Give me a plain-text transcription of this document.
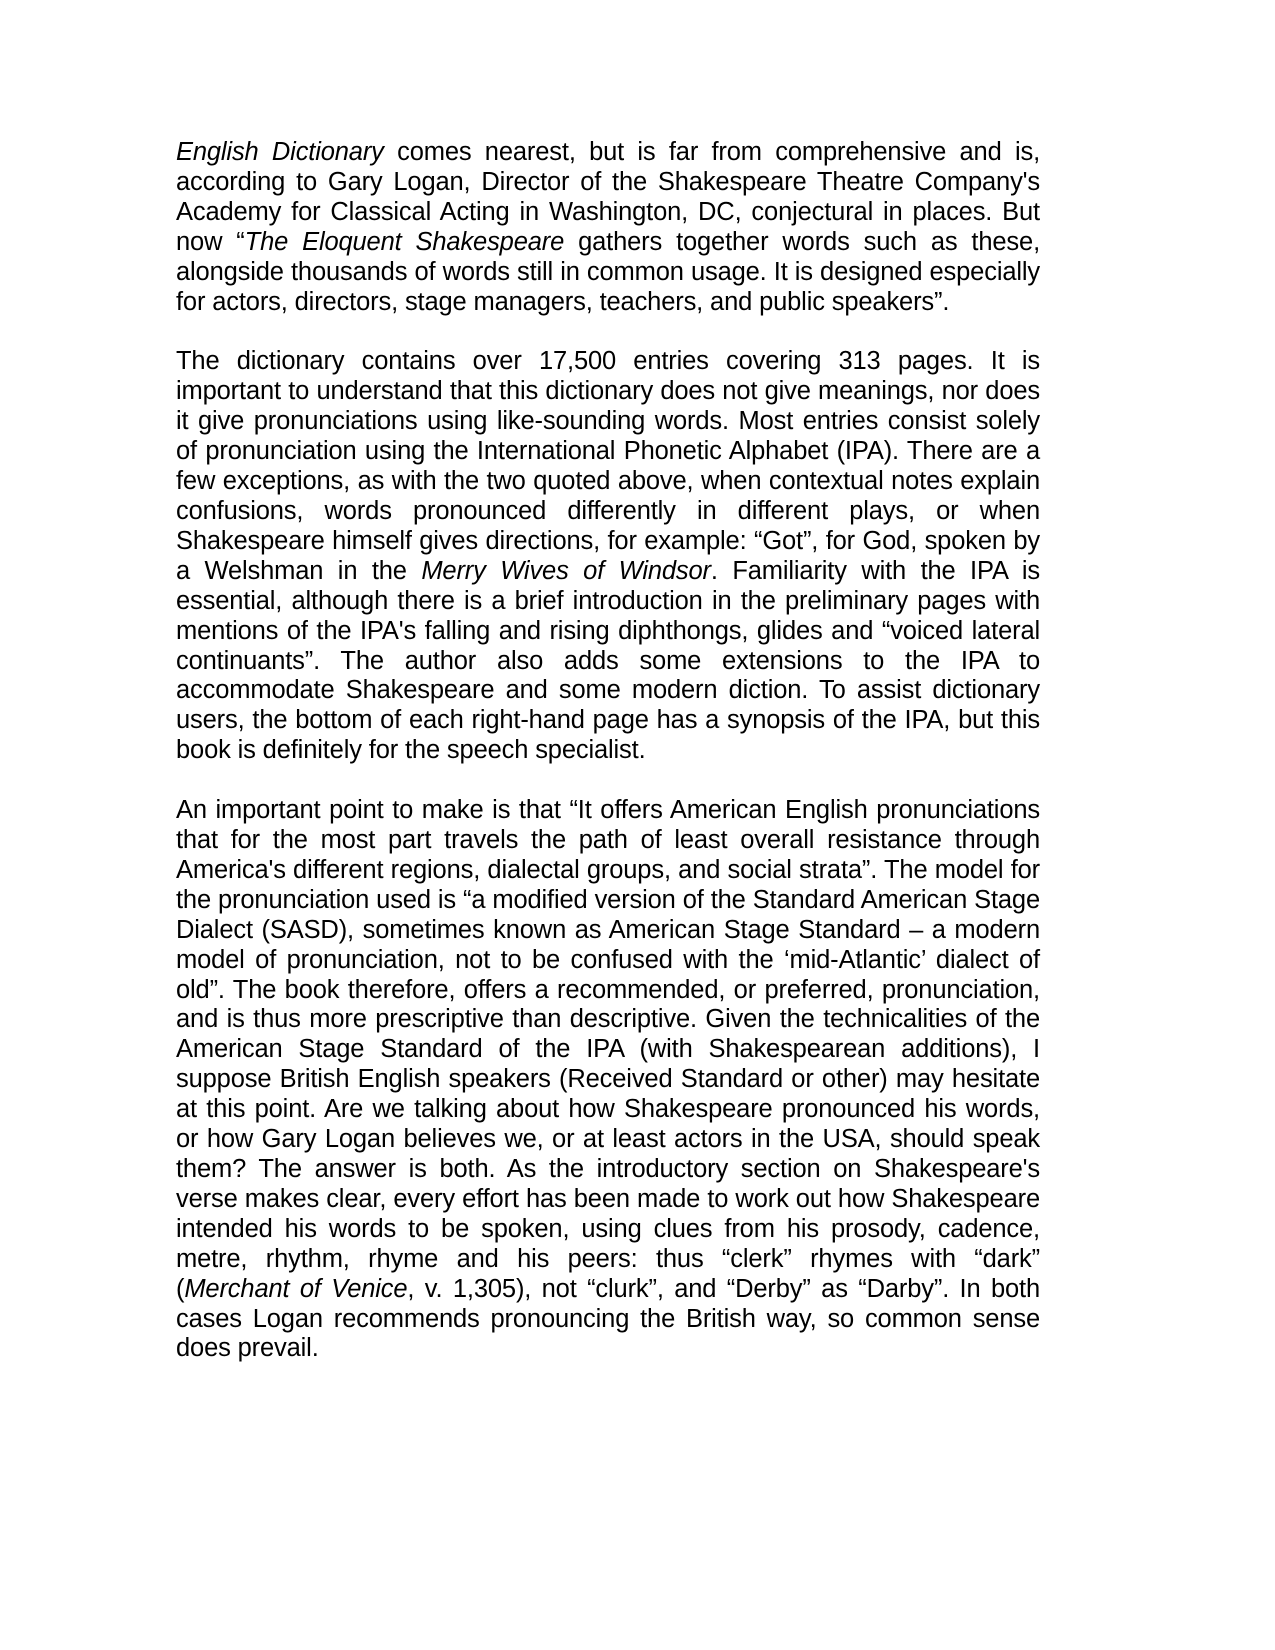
English Dictionary comes nearest, but is far from comprehensive and is, according to Gary Logan, Director of the Shakespeare Theatre Company's Academy for Classical Acting in Washington, DC, conjectural in places. But now “The Eloquent Shakespeare gathers together words such as these, alongside thousands of words still in common usage. It is designed especially for actors, directors, stage managers, teachers, and public speakers”.

The dictionary contains over 17,500 entries covering 313 pages. It is important to understand that this dictionary does not give meanings, nor does it give pronunciations using like-sounding words. Most entries consist solely of pronunciation using the International Phonetic Alphabet (IPA). There are a few exceptions, as with the two quoted above, when contextual notes explain confusions, words pronounced differently in different plays, or when Shakespeare himself gives directions, for example: “Got”, for God, spoken by a Welshman in the Merry Wives of Windsor. Familiarity with the IPA is essential, although there is a brief introduction in the preliminary pages with mentions of the IPA's falling and rising diphthongs, glides and “voiced lateral continuants”. The author also adds some extensions to the IPA to accommodate Shakespeare and some modern diction. To assist dictionary users, the bottom of each right-hand page has a synopsis of the IPA, but this book is definitely for the speech specialist.

An important point to make is that “It offers American English pronunciations that for the most part travels the path of least overall resistance through America's different regions, dialectal groups, and social strata”. The model for the pronunciation used is “a modified version of the Standard American Stage Dialect (SASD), sometimes known as American Stage Standard – a modern model of pronunciation, not to be confused with the ‘mid-Atlantic’ dialect of old”. The book therefore, offers a recommended, or preferred, pronunciation, and is thus more prescriptive than descriptive. Given the technicalities of the American Stage Standard of the IPA (with Shakespearean additions), I suppose British English speakers (Received Standard or other) may hesitate at this point. Are we talking about how Shakespeare pronounced his words, or how Gary Logan believes we, or at least actors in the USA, should speak them? The answer is both. As the introductory section on Shakespeare's verse makes clear, every effort has been made to work out how Shakespeare intended his words to be spoken, using clues from his prosody, cadence, metre, rhythm, rhyme and his peers: thus “clerk” rhymes with “dark” (Merchant of Venice, v. 1,305), not “clurk”, and “Derby” as “Darby”. In both cases Logan recommends pronouncing the British way, so common sense does prevail.
